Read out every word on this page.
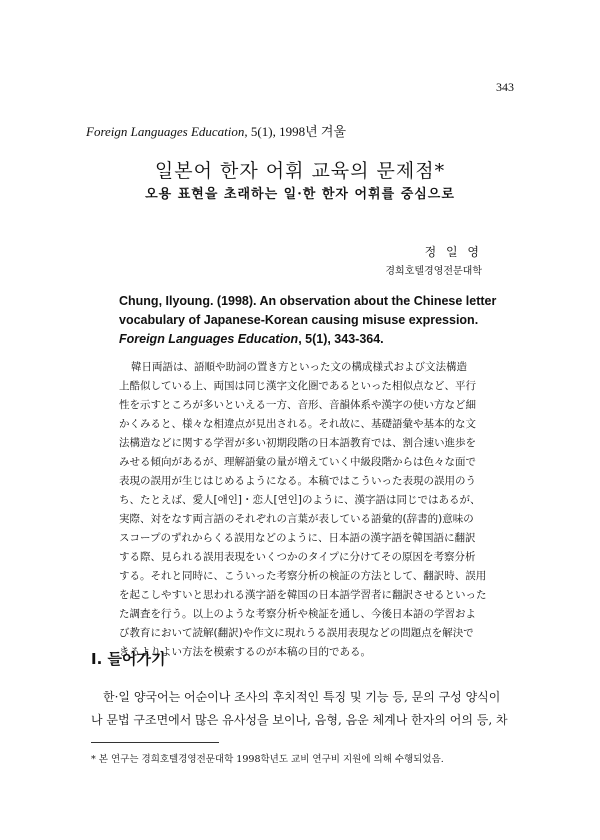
343
Foreign Languages Education, 5(1), 1998년 겨울
일본어 한자 어휘 교육의 문제점*
오용 표현을 초래하는 일·한 한자 어휘를 중심으로
정 일 영
경희호텔경영전문대학
Chung, Ilyoung. (1998). An observation about the Chinese letter
vocabulary of Japanese-Korean causing misuse expression.
Foreign Languages Education, 5(1), 343-364.
韓日両語は、語順や助詞の置き方といった文の構成様式および文法構造
上酷似している上、両国は同じ漢字文化圏であるといった相似点など、平行
性を示すところが多いといえる一方、音形、音韻体系や漢字の使い方など細
かくみると、様々な相違点が見出される。それ故に、基礎語彙や基本的な文
法構造などに関する学習が多い初期段階の日本語教育では、割合速い進歩を
みせる傾向があるが、理解語彙の量が増えていく中級段階からは色々な面で
表現の誤用が生じはじめるようになる。本稿ではこういった表現の誤用のう
ち、たとえば、愛人[애인]・恋人[연인]のように、漢字語は同じではあるが、
実際、対をなす両言語のそれぞれの言葉が表している語彙的(辞書的)意味の
スコープのずれからくる誤用などのように、日本語の漢字語を韓国語に翻訳
する際、見られる誤用表現をいくつかのタイプに分けてその原因を考察分析
する。それと同時に、こういった考察分析の検証の方法として、翻訳時、誤用
を起こしやすいと思われる漢字語を韓国の日本語学習者に翻訳させるといった
た調査を行う。以上のような考察分析や検証を通し、今後日本語の学習およ
び教育において読解(翻訳)や作文に現れうる誤用表現などの問題点を解決で
きるよりよい方法を模索するのが本稿の目的である。
Ⅰ. 들어가기
한·일 양국어는 어순이나 조사의 후치적인 특징 및 기능 등, 문의 구성 양식이
나 문법 구조면에서 많은 유사성을 보이나, 음형, 음운 체계나 한자의 어의 등, 차
* 본 연구는 경희호텔경영전문대학 1998학년도 교비 연구비 지원에 의해 수행되었음.
